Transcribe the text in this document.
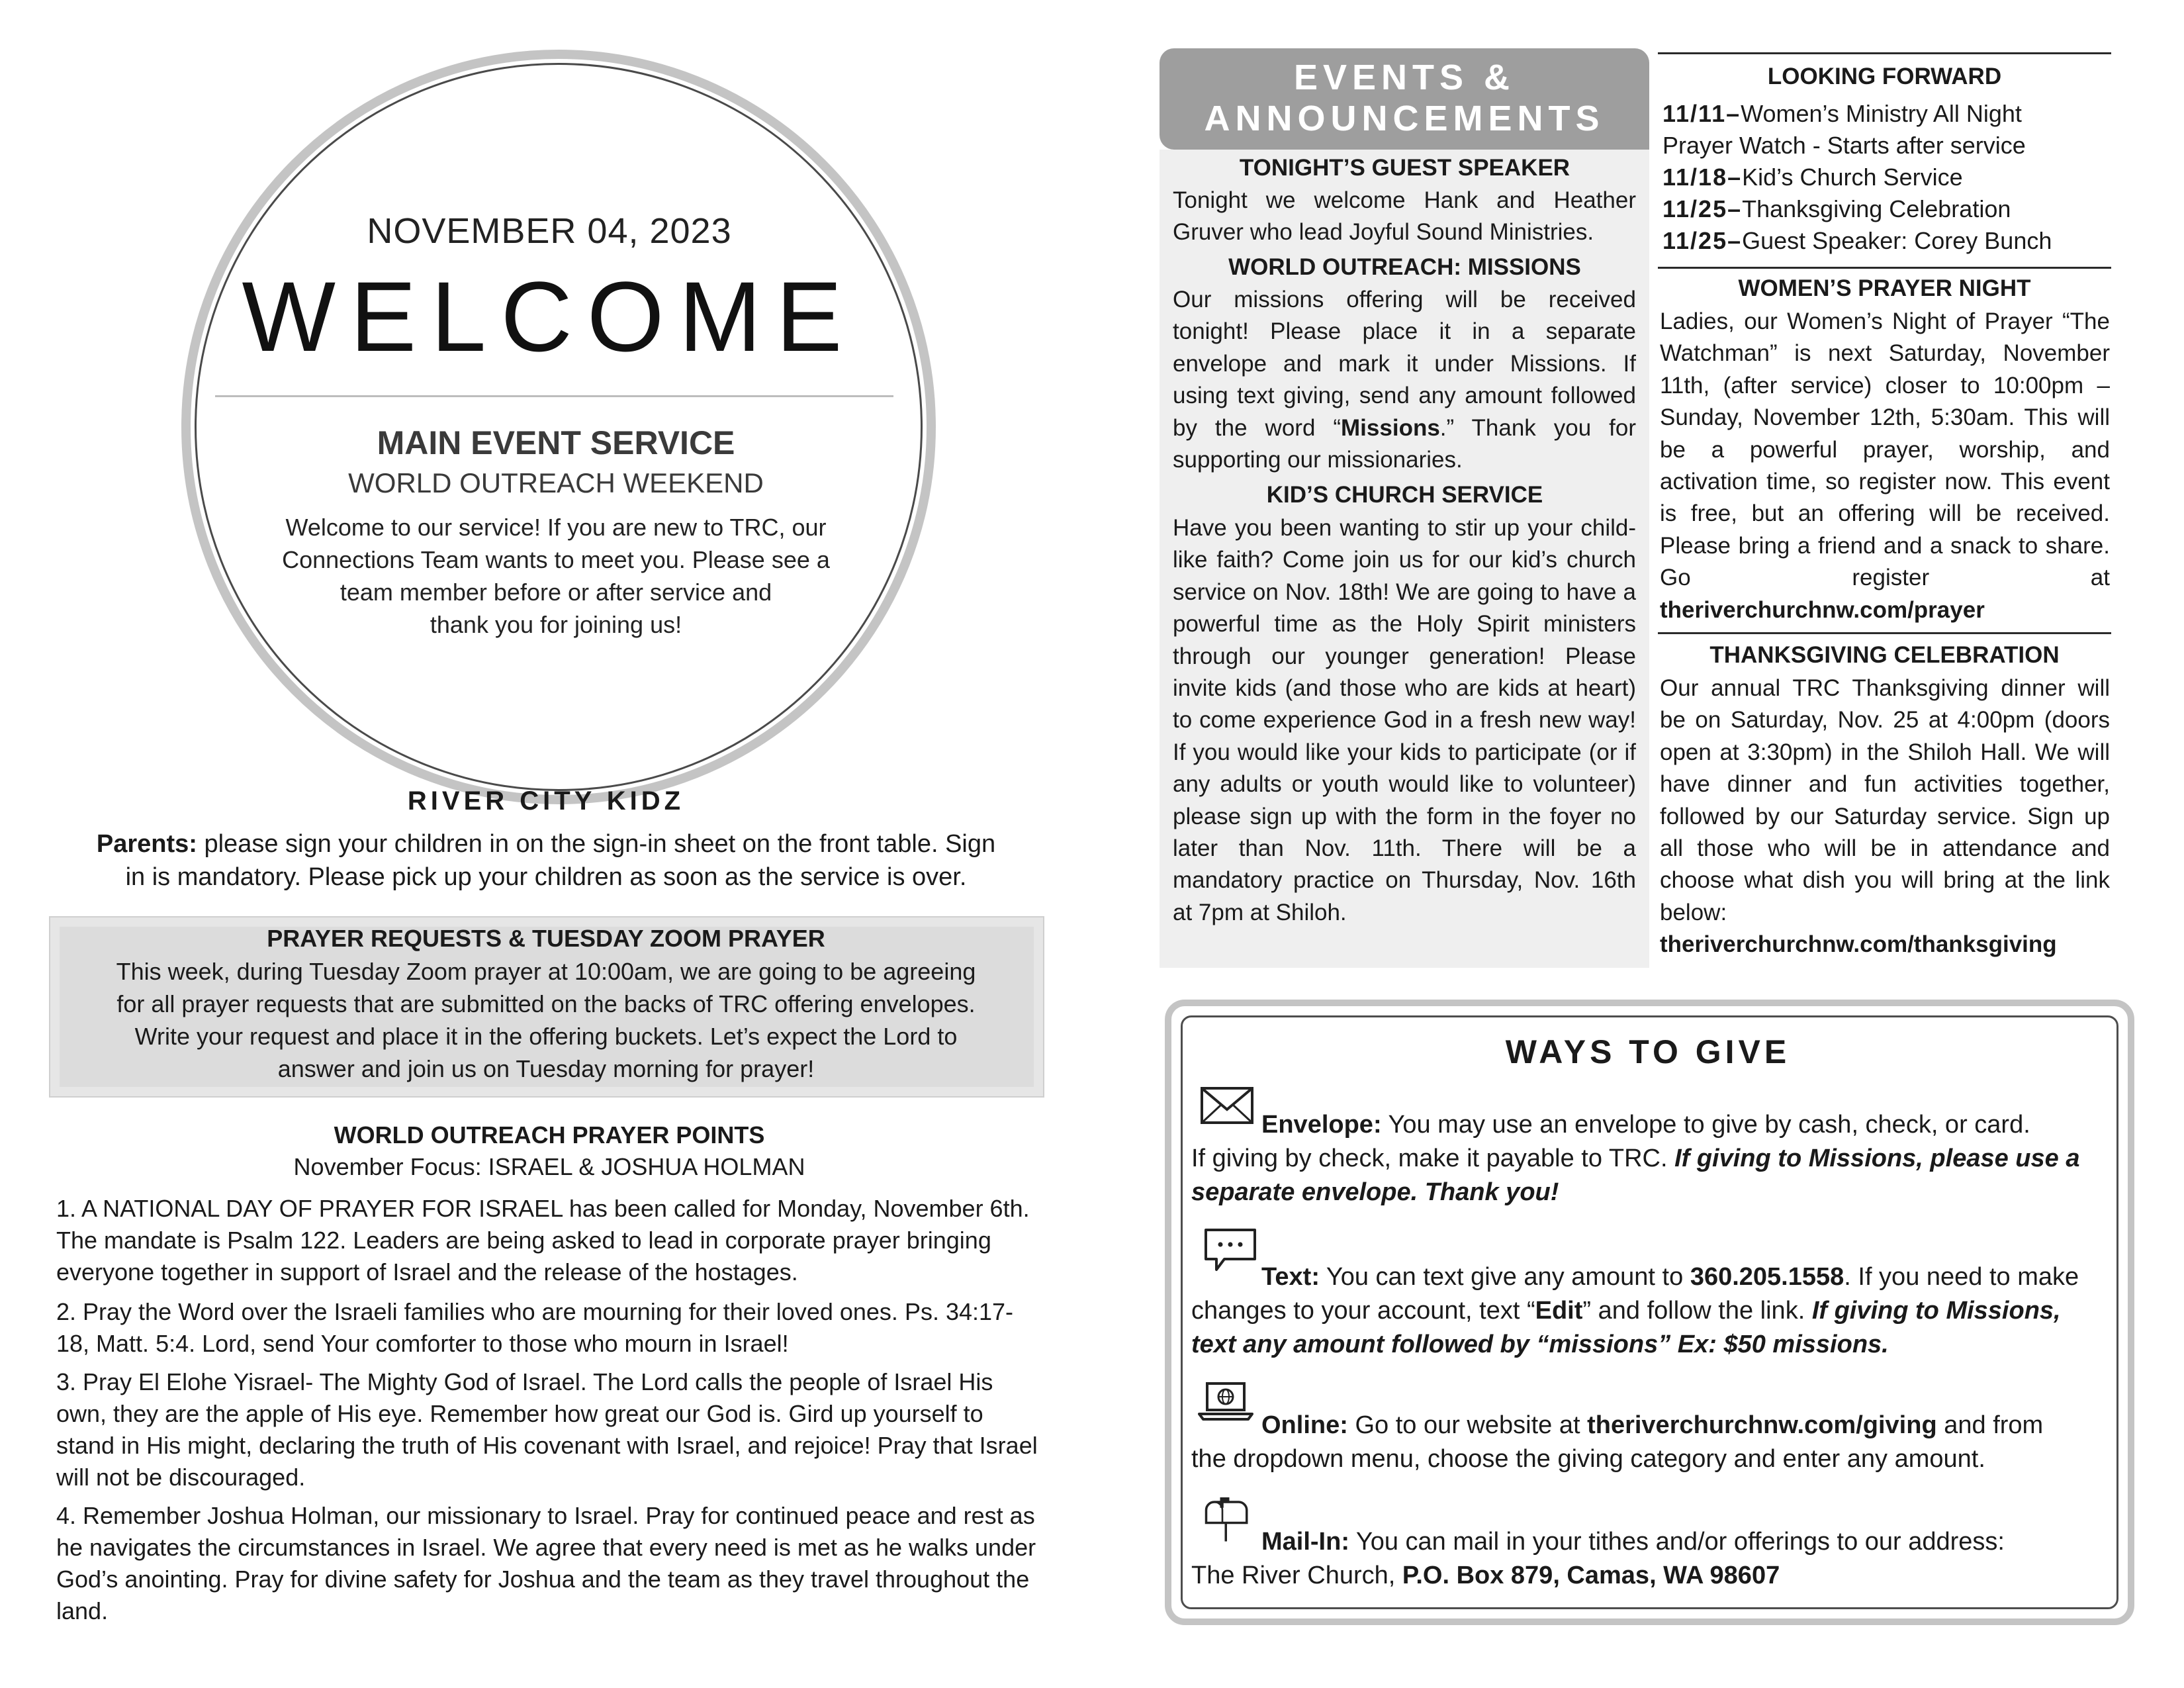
NOVEMBER 04, 2023
WELCOME
MAIN EVENT SERVICE
WORLD OUTREACH WEEKEND
Welcome to our service! If you are new to TRC, our
Connections Team wants to meet you. Please see a
team member before or after service and
thank you for joining us!
RIVER CITY KIDZ
Parents: please sign your children in on the sign-in sheet on the front table. Sign
in is mandatory. Please pick up your children as soon as the service is over.
PRAYER REQUESTS & TUESDAY ZOOM PRAYER
This week, during Tuesday Zoom prayer at 10:00am, we are going to be agreeing
for all prayer requests that are submitted on the backs of TRC offering envelopes.
Write your request and place it in the offering buckets. Let’s expect the Lord to
answer and join us on Tuesday morning for prayer!
WORLD OUTREACH PRAYER POINTS
November Focus: ISRAEL & JOSHUA HOLMAN
1. A NATIONAL DAY OF PRAYER FOR ISRAEL has been called for Monday, November 6th. The mandate is Psalm 122. Leaders are being asked to lead in corporate prayer bringing everyone together in support of Israel and the release of the hostages.
2. Pray the Word over the Israeli families who are mourning for their loved ones. Ps. 34:17-18, Matt. 5:4. Lord, send Your comforter to those who mourn in Israel!
3. Pray El Elohe Yisrael- The Mighty God of Israel. The Lord calls the people of Israel His own, they are the apple of His eye. Remember how great our God is. Gird up yourself to stand in His might, declaring the truth of His covenant with Israel, and rejoice! Pray that Israel will not be discouraged.
4. Remember Joshua Holman, our missionary to Israel. Pray for continued peace and rest as he navigates the circumstances in Israel. We agree that every need is met as he walks under God’s anointing. Pray for divine safety for Joshua and the team as they travel throughout the land.
EVENTS &
ANNOUNCEMENTS
TONIGHT’S GUEST SPEAKER
Tonight we welcome Hank and Heather Gruver who lead Joyful Sound Ministries.
WORLD OUTREACH: MISSIONS
Our missions offering will be received tonight! Please place it in a separate envelope and mark it under Missions. If using text giving, send any amount followed by the word “Missions.” Thank you for supporting our missionaries.
KID’S CHURCH SERVICE
Have you been wanting to stir up your child-like faith? Come join us for our kid’s church service on Nov. 18th! We are going to have a powerful time as the Holy Spirit ministers through our younger generation! Please invite kids (and those who are kids at heart) to come experience God in a fresh new way! If you would like your kids to participate (or if any adults or youth would like to volunteer) please sign up with the form in the foyer no later than Nov. 11th. There will be a mandatory practice on Thursday, Nov. 16th at 7pm at Shiloh.
LOOKING FORWARD
11/11–Women’s Ministry All Night
Prayer Watch - Starts after service
11/18–Kid’s Church Service
11/25–Thanksgiving Celebration
11/25–Guest Speaker: Corey Bunch
WOMEN’S PRAYER NIGHT
Ladies, our Women’s Night of Prayer “The Watchman” is next Saturday, November 11th, (after service) closer to 10:00pm – Sunday, November 12th, 5:30am. This will be a powerful prayer, worship, and activation time, so register now. This event is free, but an offering will be received. Please bring a friend and a snack to share. Go register at theriverchurchnw.com/prayer
THANKSGIVING CELEBRATION
Our annual TRC Thanksgiving dinner will be on Saturday, Nov. 25 at 4:00pm (doors open at 3:30pm) in the Shiloh Hall. We will have dinner and fun activities together, followed by our Saturday service. Sign up all those who will be in attendance and choose what dish you will bring at the link below:
theriverchurchnw.com/thanksgiving
WAYS TO GIVE
Envelope: You may use an envelope to give by cash, check, or card.
If giving by check, make it payable to TRC. If giving to Missions, please use a separate envelope. Thank you!
Text: You can text give any amount to 360.205.1558. If you need to make changes to your account, text “Edit” and follow the link. If giving to Missions, text any amount followed by “missions” Ex: $50 missions.
Online: Go to our website at theriverchurchnw.com/giving and from
the dropdown menu, choose the giving category and enter any amount.
Mail-In: You can mail in your tithes and/or offerings to our address:
The River Church, P.O. Box 879, Camas, WA 98607
